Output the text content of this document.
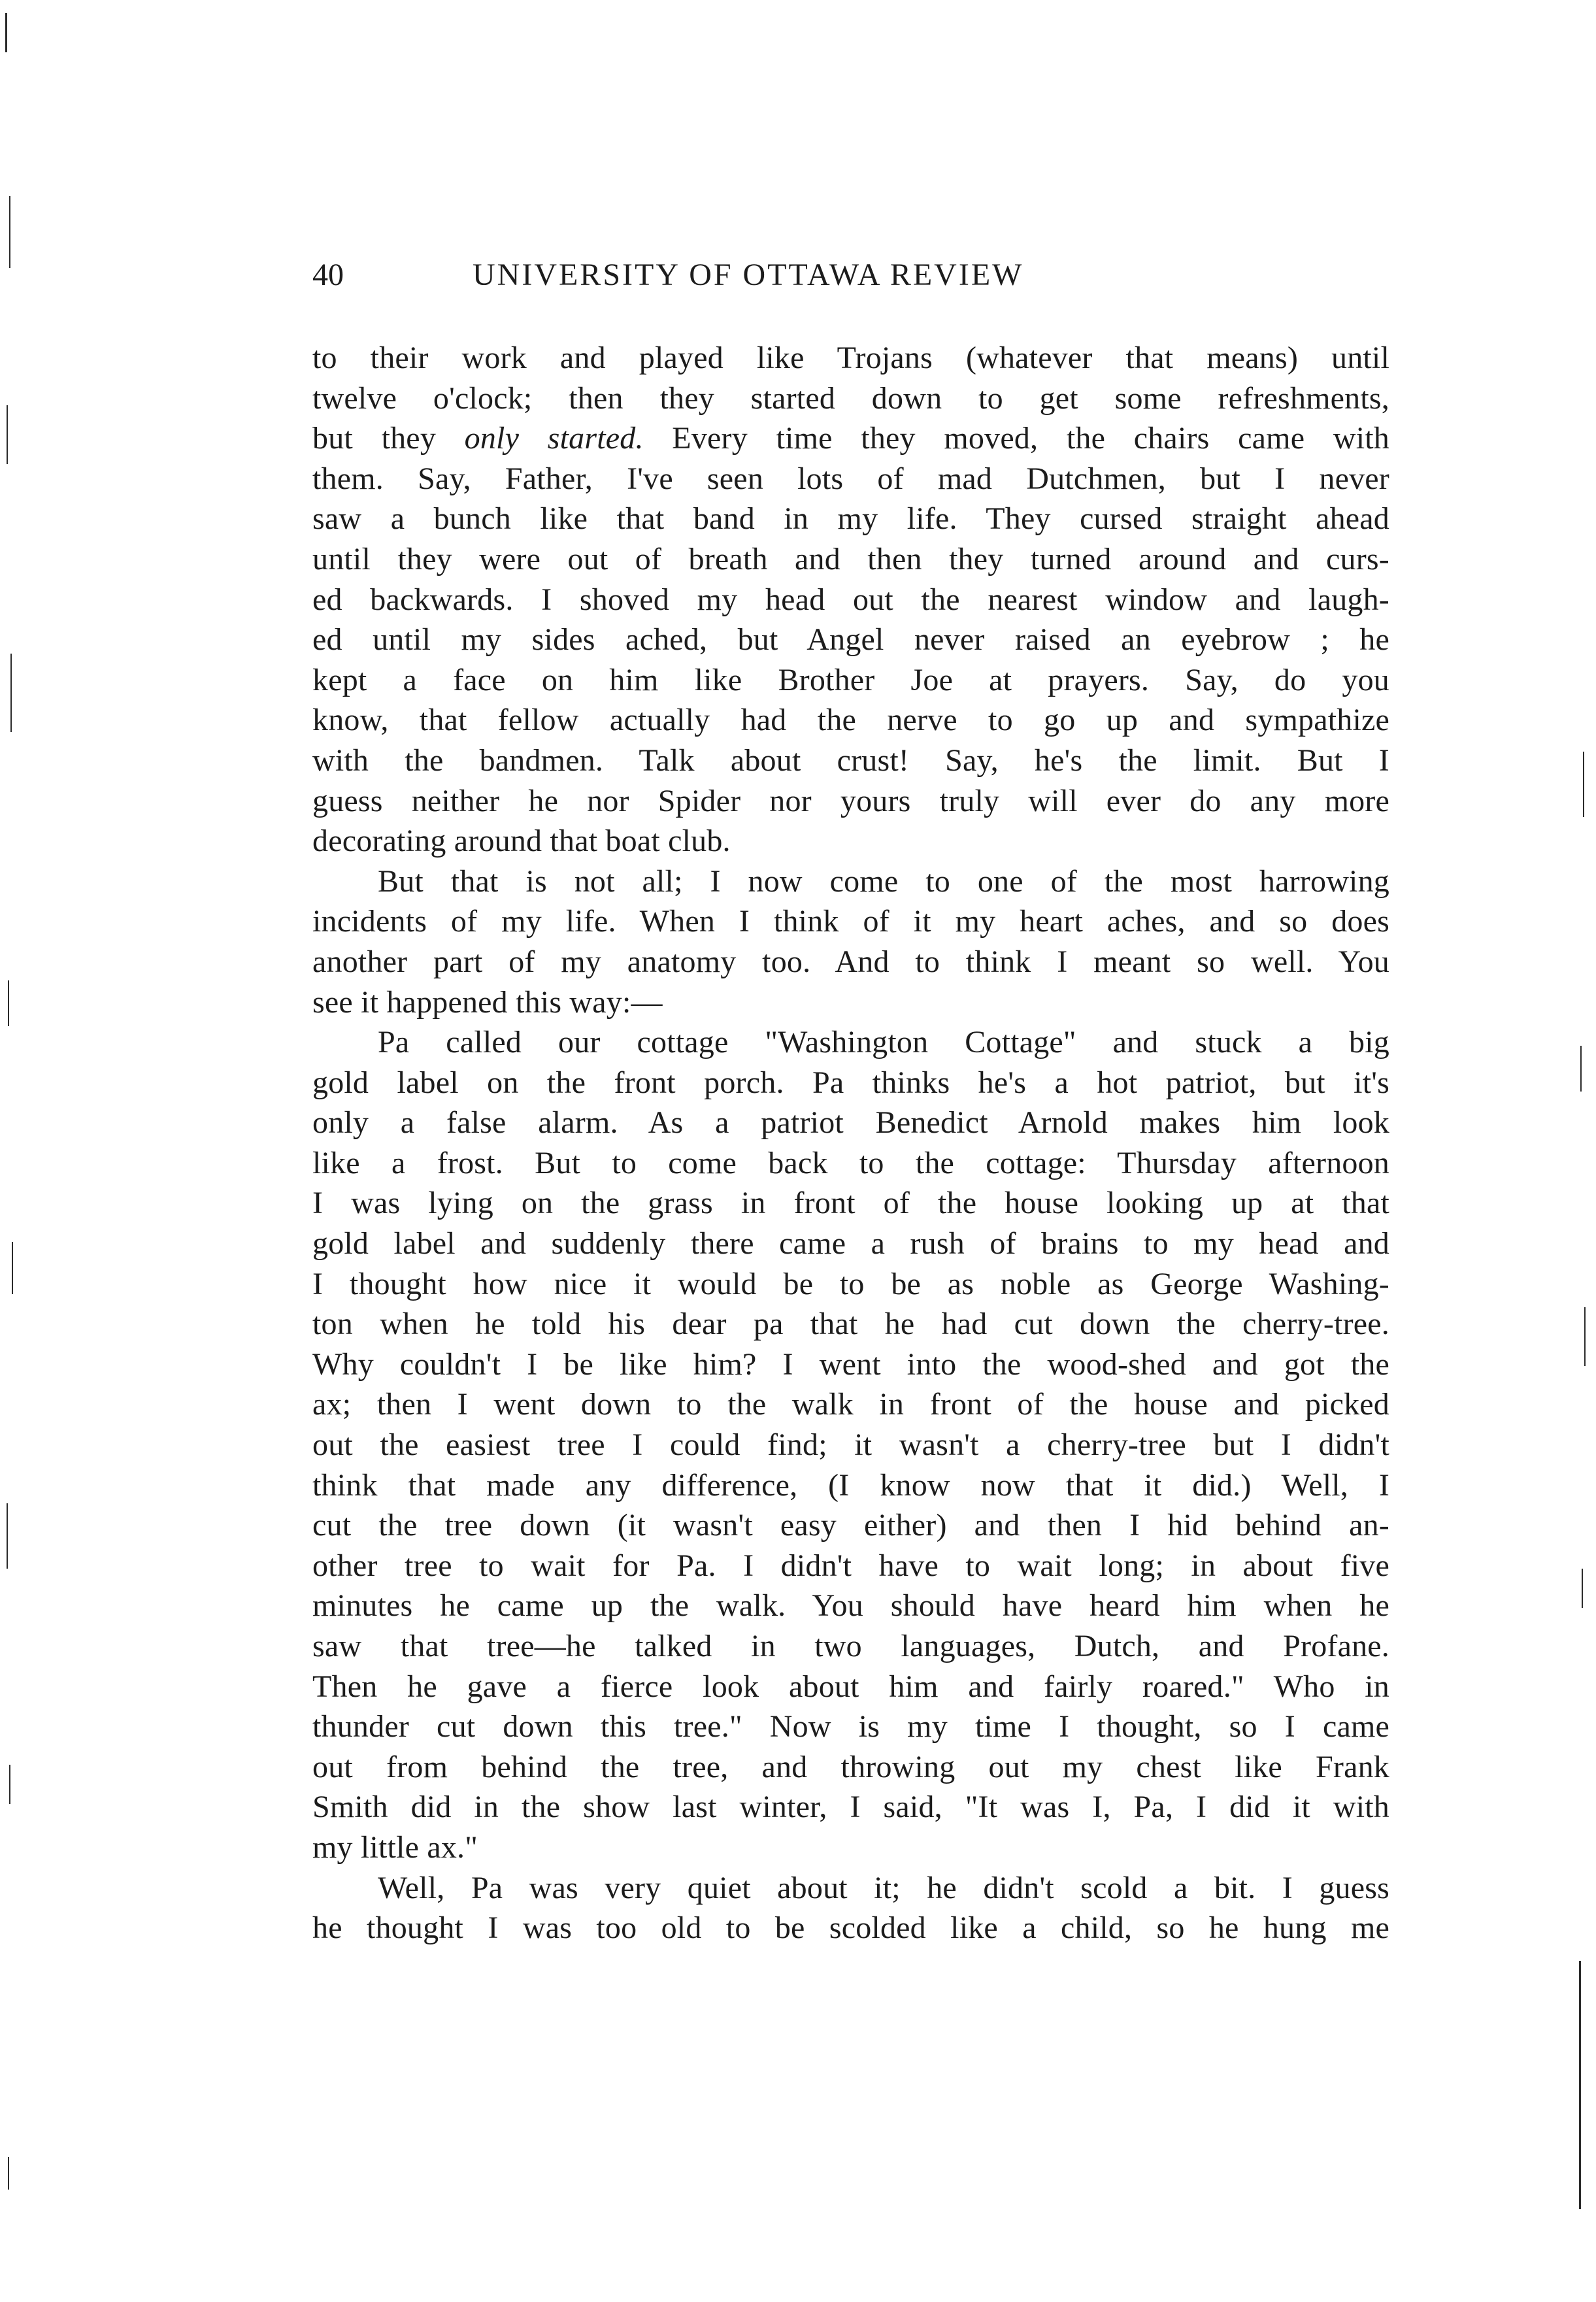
40	UNIVERSITY OF OTTAWA REVIEW
to their work and played like Trojans (whatever that means) until
twelve o'clock; then they started down to get some refreshments,
but they only started. Every time they moved, the chairs came with
them. Say, Father, I've seen lots of mad Dutchmen, but I never
saw a bunch like that band in my life. They cursed straight ahead
until they were out of breath and then they turned around and curs-
ed backwards. I shoved my head out the nearest window and laugh-
ed until my sides ached, but Angel never raised an eyebrow ; he
kept a face on him like Brother Joe at prayers. Say, do you
know, that fellow actually had the nerve to go up and sympathize
with the bandmen. Talk about crust! Say, he's the limit. But I
guess neither he nor Spider nor yours truly will ever do any more
decorating around that boat club.
But that is not all; I now come to one of the most harrowing
incidents of my life. When I think of it my heart aches, and so does
another part of my anatomy too. And to think I meant so well. You
see it happened this way:—
Pa called our cottage "Washington Cottage" and stuck a big
gold label on the front porch. Pa thinks he's a hot patriot, but it's
only a false alarm. As a patriot Benedict Arnold makes him look
like a frost. But to come back to the cottage: Thursday afternoon
I was lying on the grass in front of the house looking up at that
gold label and suddenly there came a rush of brains to my head and
I thought how nice it would be to be as noble as George Washing-
ton when he told his dear pa that he had cut down the cherry-tree.
Why couldn't I be like him? I went into the wood-shed and got the
ax; then I went down to the walk in front of the house and picked
out the easiest tree I could find; it wasn't a cherry-tree but I didn't
think that made any difference, (I know now that it did.) Well, I
cut the tree down (it wasn't easy either) and then I hid behind an-
other tree to wait for Pa. I didn't have to wait long; in about five
minutes he came up the walk. You should have heard him when he
saw that tree—he talked in two languages, Dutch, and Profane.
Then he gave a fierce look about him and fairly roared." Who in
thunder cut down this tree." Now is my time I thought, so I came
out from behind the tree, and throwing out my chest like Frank
Smith did in the show last winter, I said, "It was I, Pa, I did it with
my little ax."
Well, Pa was very quiet about it; he didn't scold a bit. I guess
he thought I was too old to be scolded like a child, so he hung me
